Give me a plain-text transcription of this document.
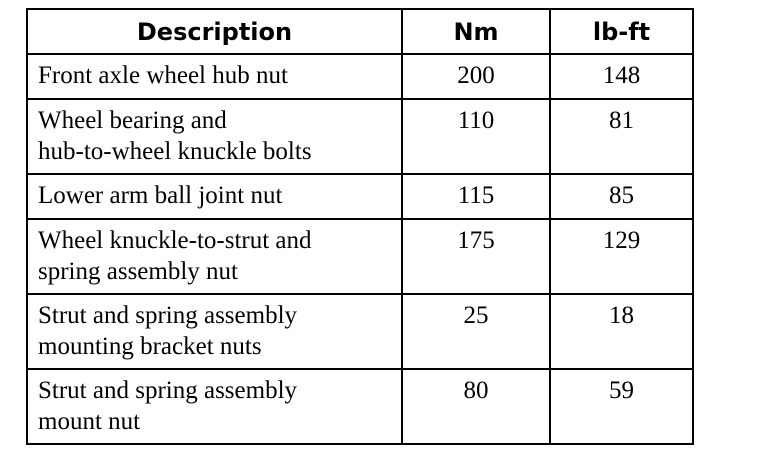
Description	Nm	lb-ft

Front axle wheel hub nut	200	148

Wheel bearing and
hub-to-wheel knuckle bolts	110	81

Lower arm ball joint nut	115	85

Wheel knuckle-to-strut and
spring assembly nut	175	129

Strut and spring assembly
mounting bracket nuts	25	18

Strut and spring assembly
mount nut	80	59
